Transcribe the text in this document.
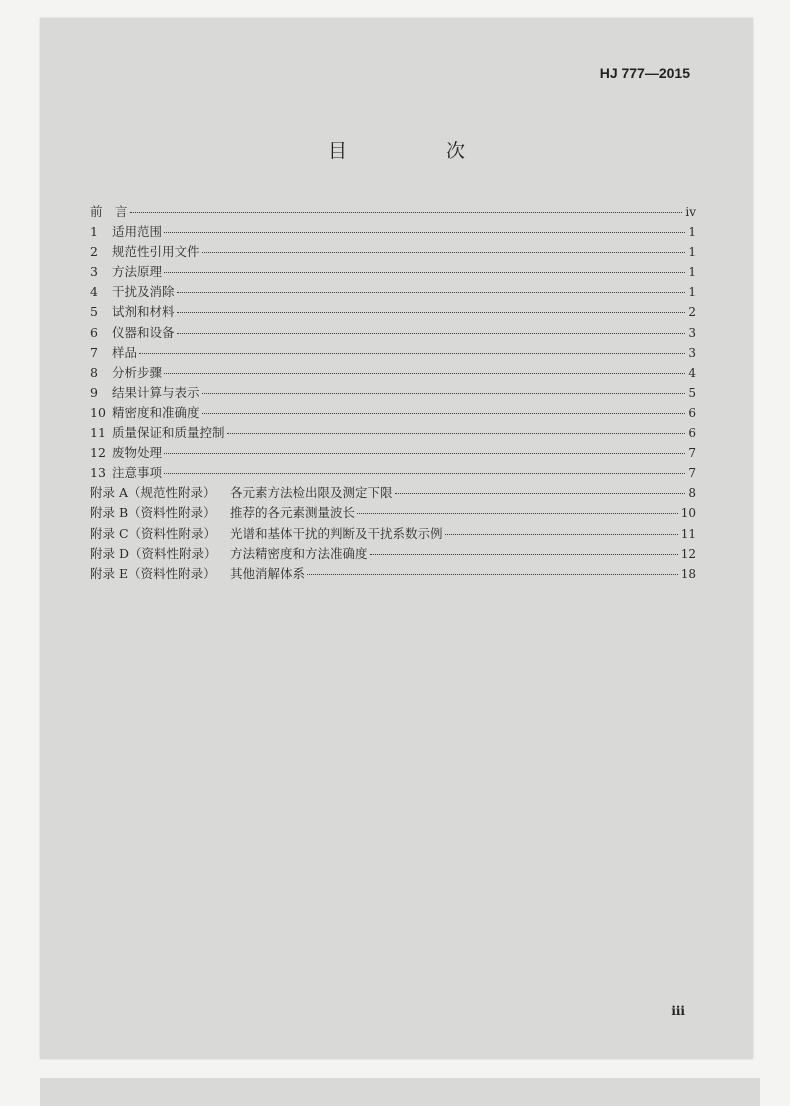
HJ 777—2015

目　次
前　言	iv
1	适用范围	1
2	规范性引用文件	1
3	方法原理	1
4	干扰及消除	1
5	试剂和材料	2
6	仪器和设备	3
7	样品	3
8	分析步骤	4
9	结果计算与表示	5
10 精密度和准确度	6
11 质量保证和质量控制	6
12 废物处理	7
13 注意事项	7
附录 A（规范性附录）	各元素方法检出限及测定下限	8
附录 B（资料性附录）	推荐的各元素测量波长	10
附录 C（资料性附录）	光谱和基体干扰的判断及干扰系数示例	11
附录 D（资料性附录）	方法精密度和方法准确度	12
附录 E（资料性附录）	其他消解体系	18

iii
